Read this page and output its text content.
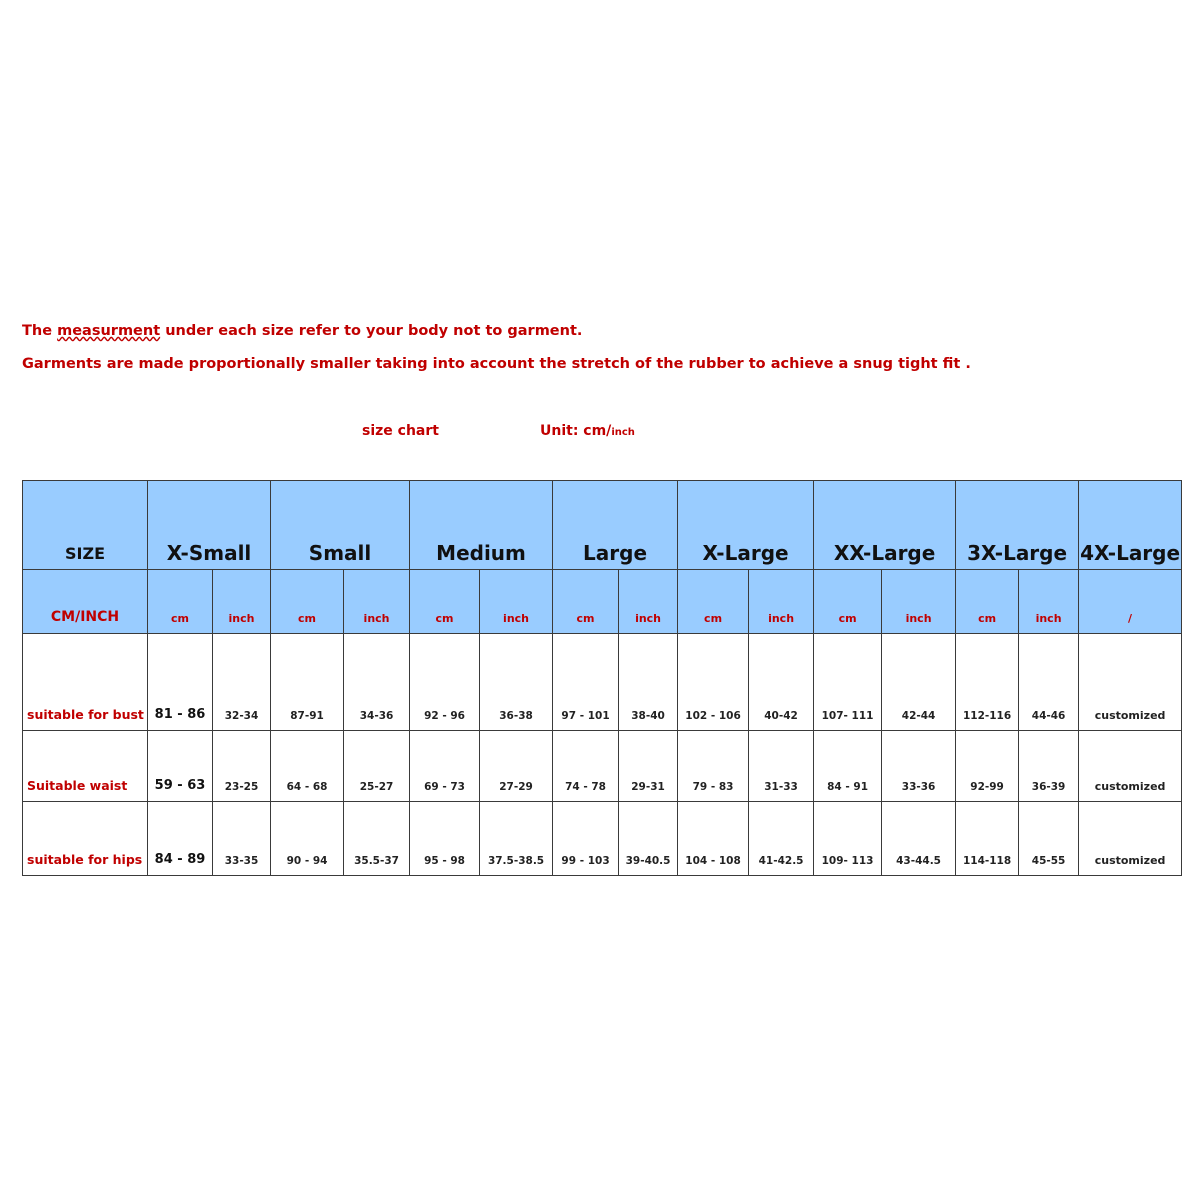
The measurment under each size refer to your body not to garment.
Garments are made proportionally smaller taking into account the stretch of the rubber to achieve a snug tight fit .
size chart	Unit: cm/inch
SIZE	X-Small		Small		Medium		Large		X-Large		XX-Large		3X-Large		4X-Large
CM/INCH	cm	inch	cm	inch	cm	inch	cm	inch	cm	inch	cm	inch	cm	inch	/
suitable for bust	81 - 86	32-34	87-91	34-36	92 - 96	36-38	97 - 101	38-40	102 - 106	40-42	107- 111	42-44	112-116	44-46	customized
Suitable waist	59 - 63	23-25	64 - 68	25-27	69 - 73	27-29	74 - 78	29-31	79 - 83	31-33	84 - 91	33-36	92-99	36-39	customized
suitable for hips	84 - 89	33-35	90 - 94	35.5-37	95 - 98	37.5-38.5	99 - 103	39-40.5	104 - 108	41-42.5	109- 113	43-44.5	114-118	45-55	customized
